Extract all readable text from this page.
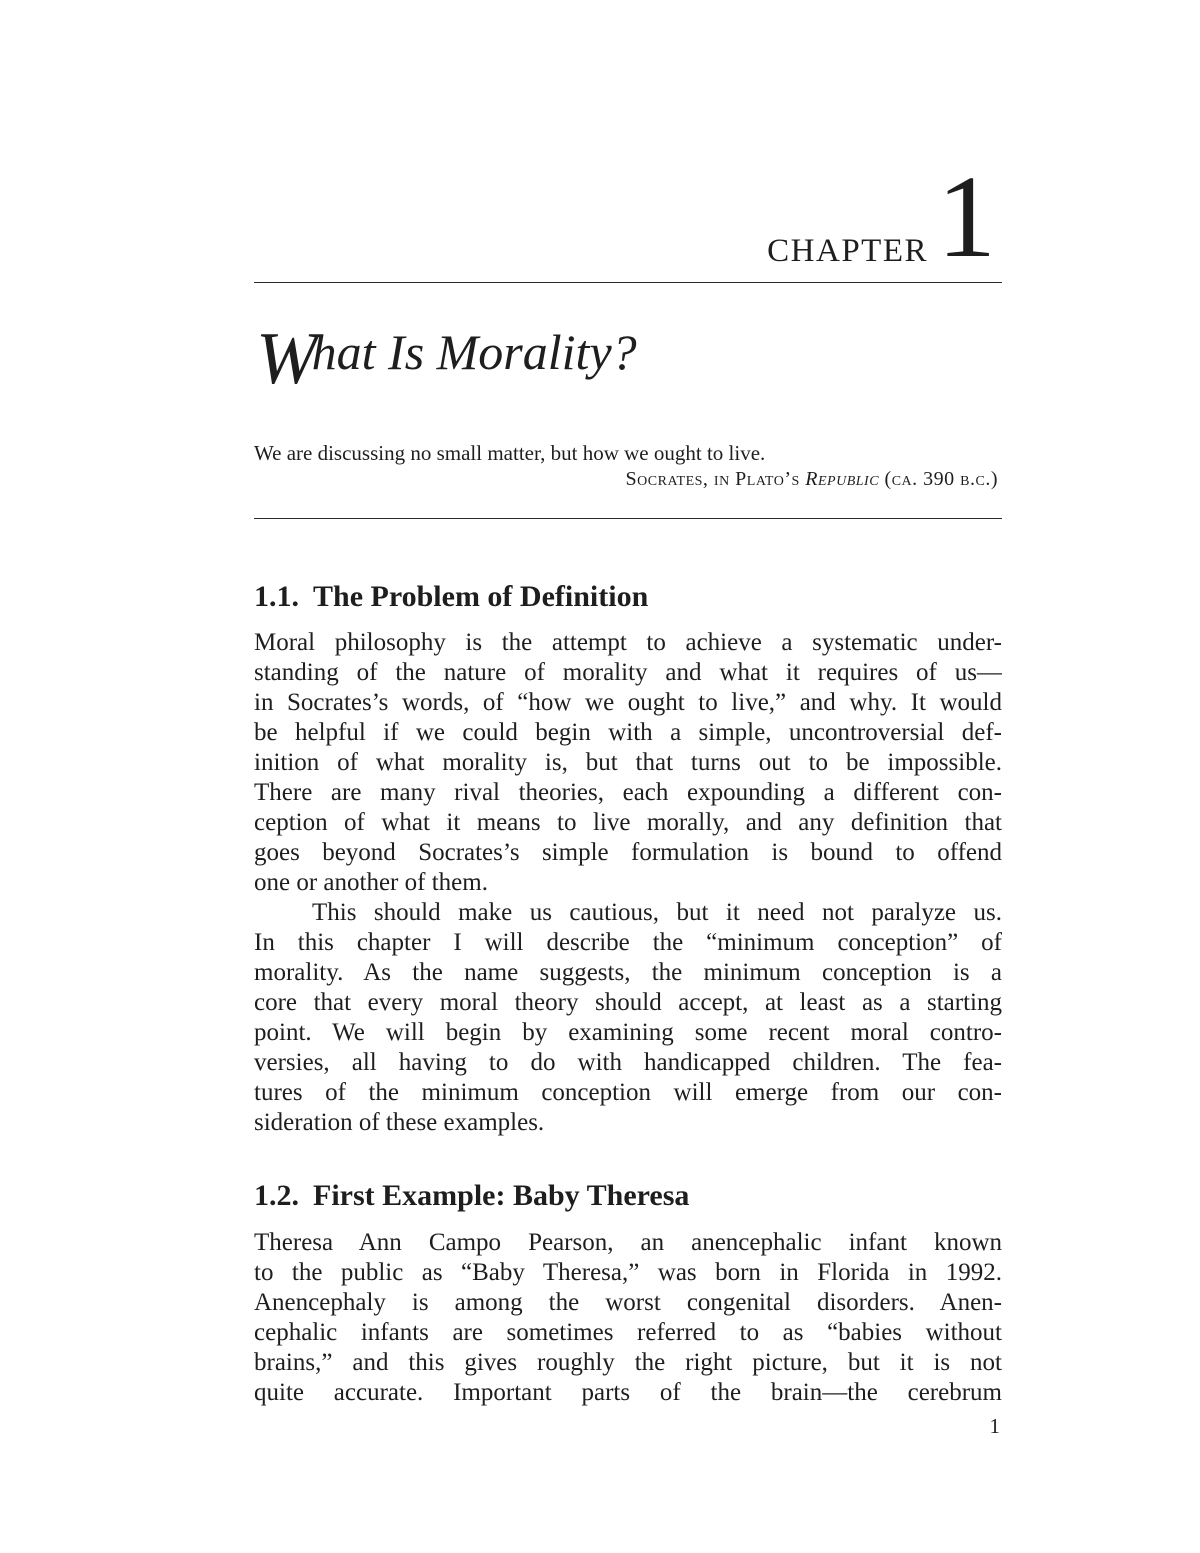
CHAPTER 1
What Is Morality?
We are discussing no small matter, but how we ought to live.
Socrates, in Plato’s Republic (ca. 390 b.c.)
1.1. The Problem of Definition
Moral philosophy is the attempt to achieve a systematic under-
standing of the nature of morality and what it requires of us—
in Socrates’s words, of “how we ought to live,” and why. It would
be helpful if we could begin with a simple, uncontroversial def-
inition of what morality is, but that turns out to be impossible.
There are many rival theories, each expounding a different con-
ception of what it means to live morally, and any definition that
goes beyond Socrates’s simple formulation is bound to offend
one or another of them.
This should make us cautious, but it need not paralyze us.
In this chapter I will describe the “minimum conception” of
morality. As the name suggests, the minimum conception is a
core that every moral theory should accept, at least as a starting
point. We will begin by examining some recent moral contro-
versies, all having to do with handicapped children. The fea-
tures of the minimum conception will emerge from our con-
sideration of these examples.
1.2. First Example: Baby Theresa
Theresa Ann Campo Pearson, an anencephalic infant known
to the public as “Baby Theresa,” was born in Florida in 1992.
Anencephaly is among the worst congenital disorders. Anen-
cephalic infants are sometimes referred to as “babies without
brains,” and this gives roughly the right picture, but it is not
quite accurate. Important parts of the brain—the cerebrum
1
